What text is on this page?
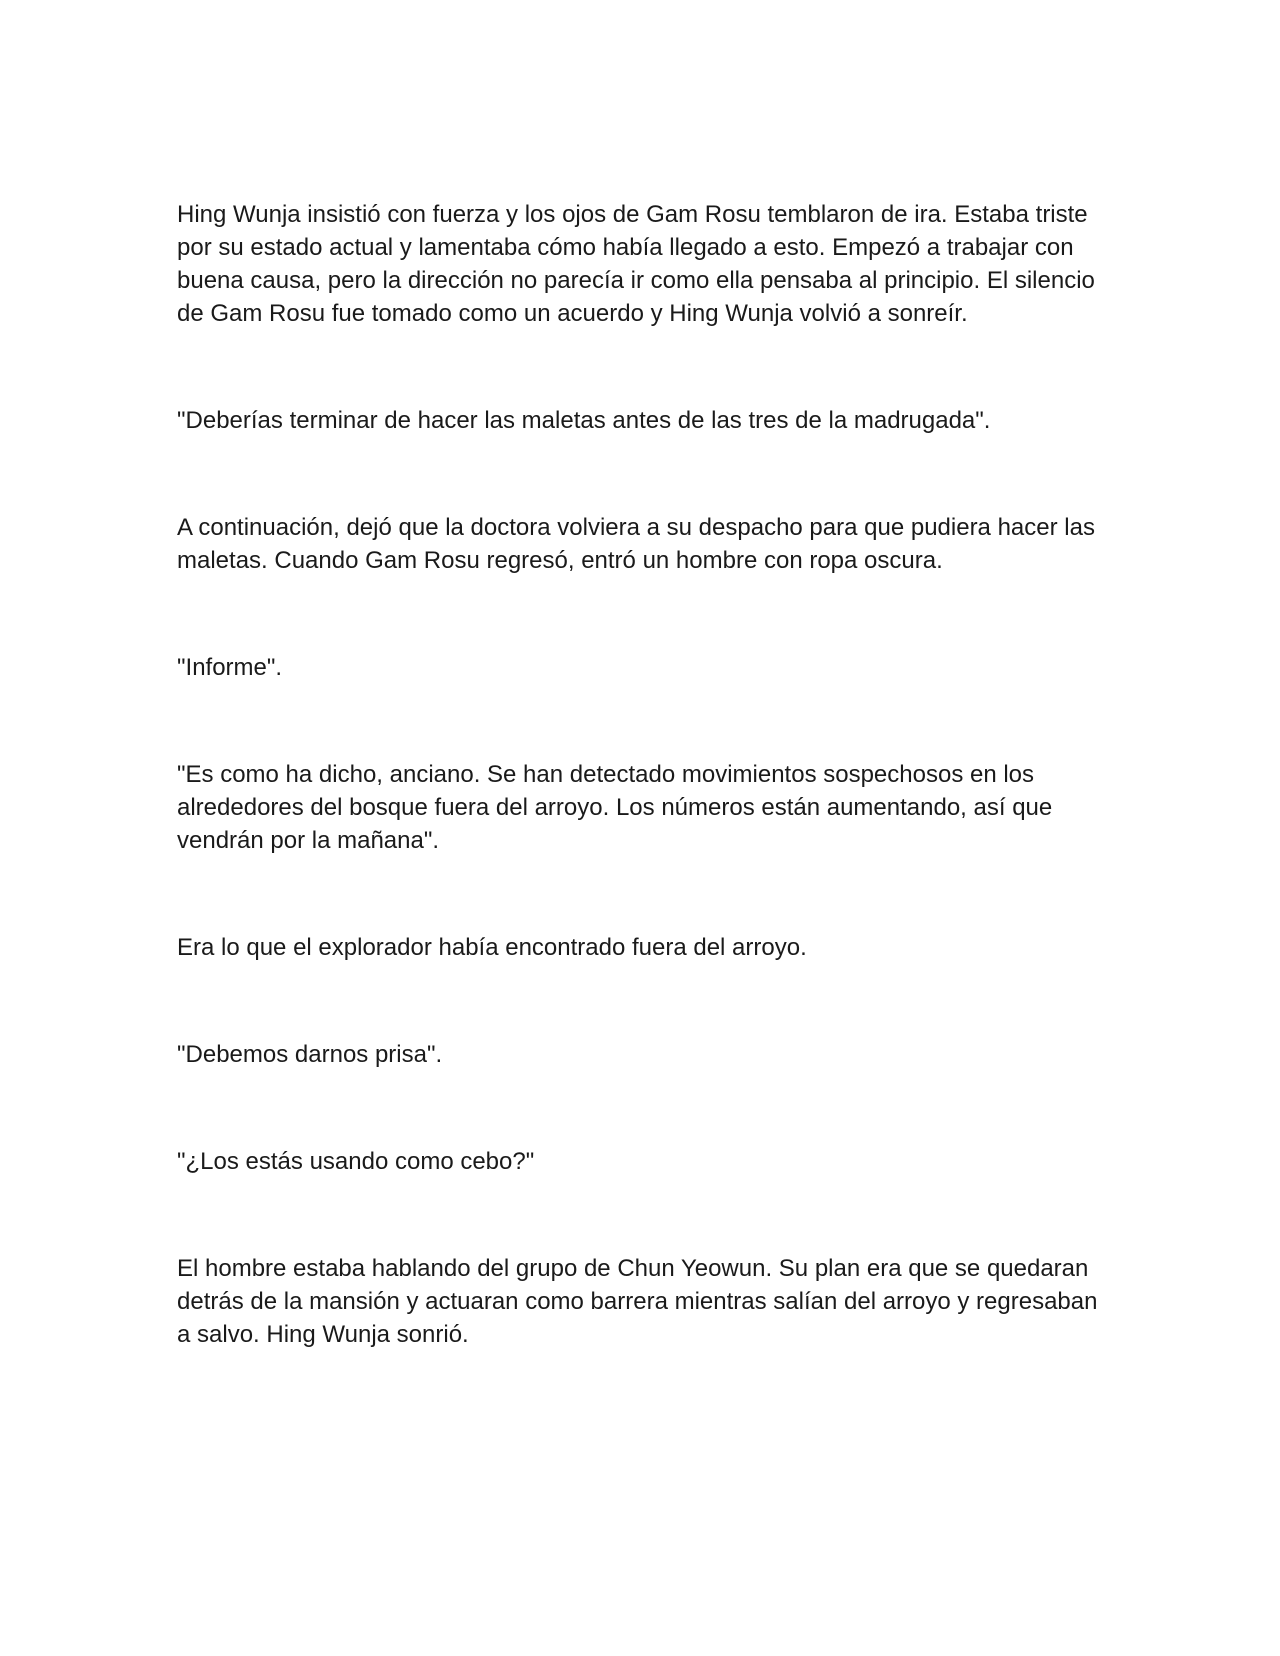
Hing Wunja insistió con fuerza y los ojos de Gam Rosu temblaron de ira. Estaba triste por su estado actual y lamentaba cómo había llegado a esto. Empezó a trabajar con buena causa, pero la dirección no parecía ir como ella pensaba al principio. El silencio de Gam Rosu fue tomado como un acuerdo y Hing Wunja volvió a sonreír.

"Deberías terminar de hacer las maletas antes de las tres de la madrugada".

A continuación, dejó que la doctora volviera a su despacho para que pudiera hacer las maletas. Cuando Gam Rosu regresó, entró un hombre con ropa oscura.

"Informe".

"Es como ha dicho, anciano. Se han detectado movimientos sospechosos en los alrededores del bosque fuera del arroyo. Los números están aumentando, así que vendrán por la mañana".

Era lo que el explorador había encontrado fuera del arroyo.

"Debemos darnos prisa".

"¿Los estás usando como cebo?"

El hombre estaba hablando del grupo de Chun Yeowun. Su plan era que se quedaran detrás de la mansión y actuaran como barrera mientras salían del arroyo y regresaban a salvo. Hing Wunja sonrió.
